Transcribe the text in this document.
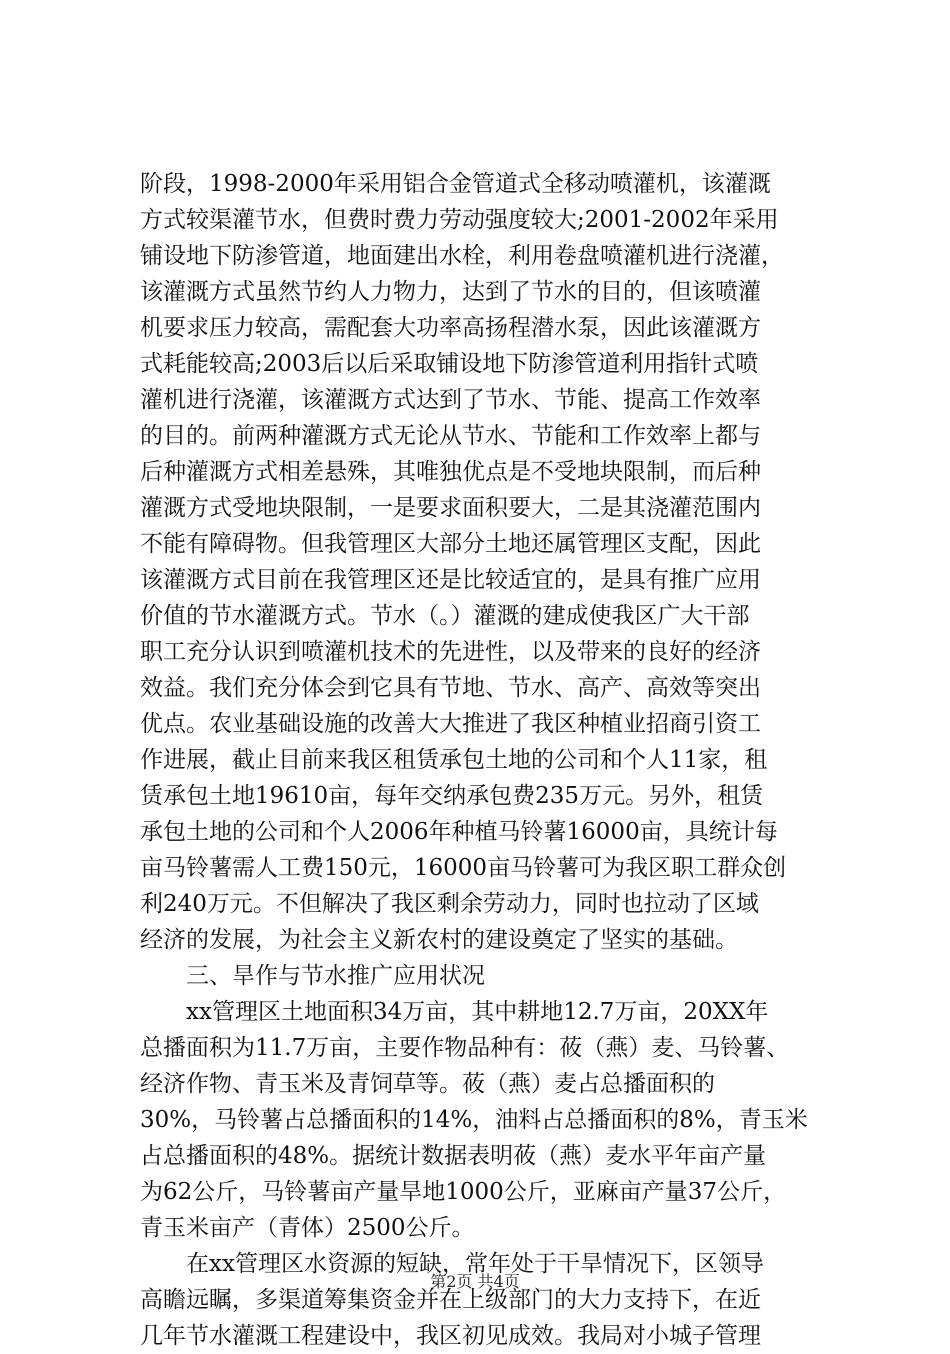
阶段，1998-2000年采用铝合金管道式全移动喷灌机，该灌溉
方式较渠灌节水，但费时费力劳动强度较大;2001-2002年采用
铺设地下防渗管道，地面建出水栓，利用卷盘喷灌机进行浇灌，
该灌溉方式虽然节约人力物力，达到了节水的目的，但该喷灌
机要求压力较高，需配套大功率高扬程潜水泵，因此该灌溉方
式耗能较高;2003后以后采取铺设地下防渗管道利用指针式喷
灌机进行浇灌，该灌溉方式达到了节水、节能、提高工作效率
的目的。前两种灌溉方式无论从节水、节能和工作效率上都与
后种灌溉方式相差悬殊，其唯独优点是不受地块限制，而后种
灌溉方式受地块限制，一是要求面积要大，二是其浇灌范围内
不能有障碍物。但我管理区大部分土地还属管理区支配，因此
该灌溉方式目前在我管理区还是比较适宜的，是具有推广应用
价值的节水灌溉方式。节水（。）灌溉的建成使我区广大干部
职工充分认识到喷灌机技术的先进性，以及带来的良好的经济
效益。我们充分体会到它具有节地、节水、高产、高效等突出
优点。农业基础设施的改善大大推进了我区种植业招商引资工
作进展，截止目前来我区租赁承包土地的公司和个人11家，租
赁承包土地19610亩，每年交纳承包费235万元。另外，租赁
承包土地的公司和个人2006年种植马铃薯16000亩，具统计每
亩马铃薯需人工费150元，16000亩马铃薯可为我区职工群众创
利240万元。不但解决了我区剩余劳动力，同时也拉动了区域
经济的发展，为社会主义新农村的建设奠定了坚实的基础。
三、旱作与节水推广应用状况
xx管理区土地面积34万亩，其中耕地12.7万亩，20XX年
总播面积为11.7万亩，主要作物品种有：莜（燕）麦、马铃薯、
经济作物、青玉米及青饲草等。莜（燕）麦占总播面积的
30%，马铃薯占总播面积的14%，油料占总播面积的8%，青玉米
占总播面积的48%。据统计数据表明莜（燕）麦水平年亩产量
为62公斤，马铃薯亩产量旱地1000公斤，亚麻亩产量37公斤，
青玉米亩产（青体）2500公斤。
在xx管理区水资源的短缺，常年处于干旱情况下，区领导
高瞻远瞩，多渠道筹集资金并在上级部门的大力支持下，在近
几年节水灌溉工程建设中，我区初见成效。我局对小城子管理
第2页 共4页
